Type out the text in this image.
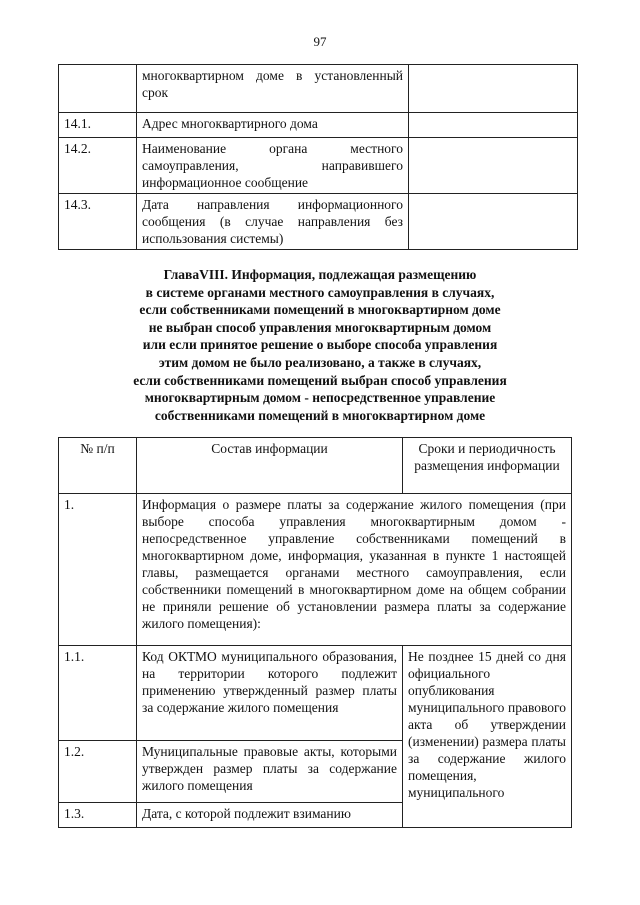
97
	многоквартирном доме в установленный срок	
14.1.	Адрес многоквартирного дома	
14.2.	Наименование органа местного самоуправления, направившего информационное сообщение	
14.3.	Дата направления информационного сообщения (в случае направления без использования системы)	
ГлаваVIII. Информация, подлежащая размещению
в системе органами местного самоуправления в случаях,
если собственниками помещений в многоквартирном доме
не выбран способ управления многоквартирным домом
или если принятое решение о выборе способа управления
этим домом не было реализовано, а также в случаях,
если собственниками помещений выбран способ управления
многоквартирным домом - непосредственное управление
собственниками помещений в многоквартирном доме
№ п/п	Состав информации	Сроки и периодичность размещения информации
1.	Информация о размере платы за содержание жилого помещения (при выборе способа управления многоквартирным домом - непосредственное управление собственниками помещений в многоквартирном доме, информация, указанная в пункте 1 настоящей главы, размещается органами местного самоуправления, если собственники помещений в многоквартирном доме на общем собрании не приняли решение об установлении размера платы за содержание жилого помещения):	
1.1.	Код ОКТМО муниципального образования, на территории которого подлежит применению утвержденный размер платы за содержание жилого помещения	Не позднее 15 дней со дня официального опубликования муниципального правового акта об утверждении (изменении) размера платы за содержание жилого помещения, муниципального
1.2.	Муниципальные правовые акты, которыми утвержден размер платы за содержание жилого помещения	
1.3.	Дата, с которой подлежит взиманию	
